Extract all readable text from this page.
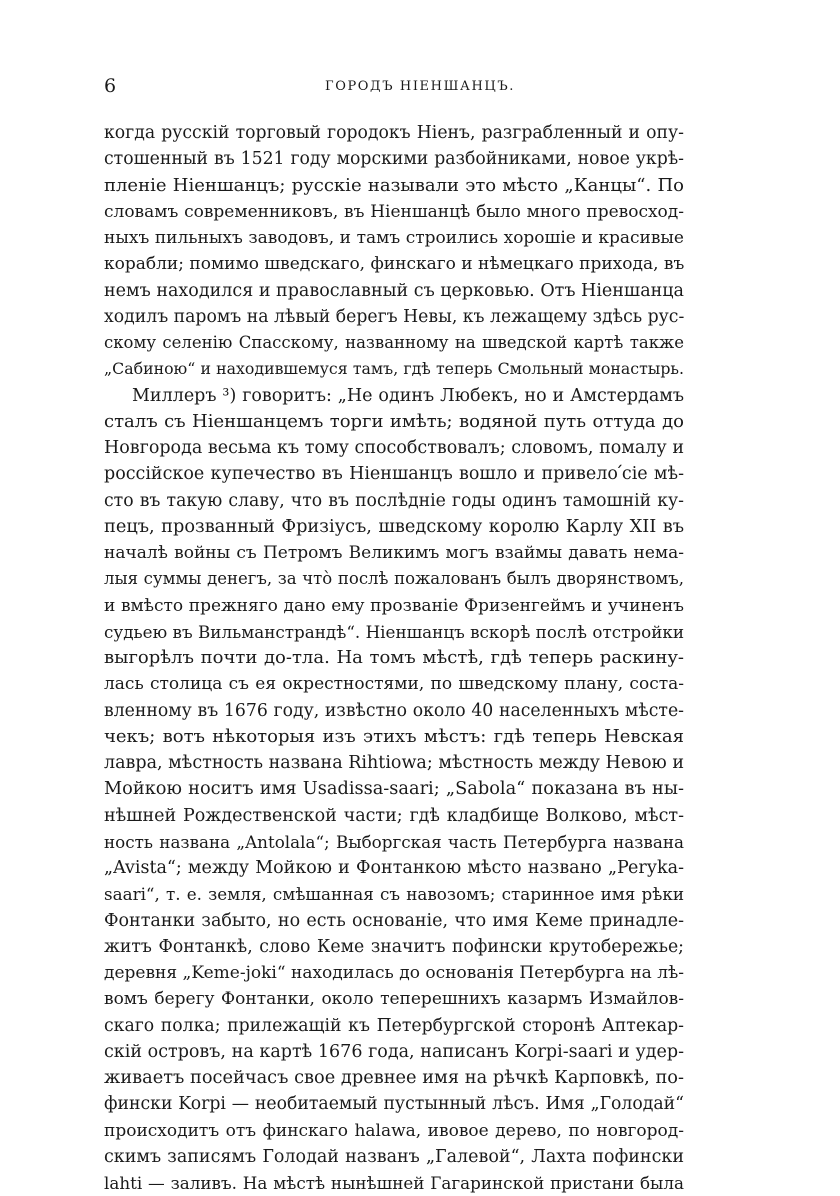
6	ГОРОДЪ НІЕНШАНЦЪ.
когда русскій торговый городокъ Ніенъ, разграбленный и опу-
стошенный въ 1521 году морскими разбойниками, новое укрѣ-
пленіе Ніеншанцъ; русскіе называли это мѣсто „Канцы“. По
словамъ современниковъ, въ Ніеншанцѣ было много превосход-
ныхъ пильныхъ заводовъ, и тамъ строились хорошіе и красивые
корабли; помимо шведскаго, финскаго и нѣмецкаго прихода, въ
немъ находился и православный съ церковью. Отъ Ніеншанца
ходилъ паромъ на лѣвый берегъ Невы, къ лежащему здѣсь рус-
скому селенію Спасскому, названному на шведской картѣ также
„Сабиною“ и находившемуся тамъ, гдѣ теперь Смольный монастырь.
Миллеръ ³) говоритъ: „Не одинъ Любекъ, но и Амстердамъ
сталъ съ Ніеншанцемъ торги имѣть; водяной путь оттуда до
Новгорода весьма къ тому способствовалъ; словомъ, помалу и
россійское купечество въ Ніеншанцъ вошло и привело՛сіе мѣ-
сто въ такую славу, что въ послѣдніе годы одинъ тамошній ку-
пецъ, прозванный Фризіусъ, шведскому королю Карлу XII въ
началѣ войны съ Петромъ Великимъ могъ взаймы давать нема-
лыя суммы денегъ, за чтò послѣ пожалованъ былъ дворянствомъ,
и вмѣсто прежняго дано ему прозваніе Фризенгеймъ и учиненъ
судьею въ Вильманстрандѣ“. Ніеншанцъ вскорѣ послѣ отстройки
выгорѣлъ почти до-тла. На томъ мѣстѣ, гдѣ теперь раскину-
лась столица съ ея окрестностями, по шведскому плану, соста-
вленному въ 1676 году, извѣстно около 40 населенныхъ мѣсте-
чекъ; вотъ нѣкоторыя изъ этихъ мѣстъ: гдѣ теперь Невская
лавра, мѣстность названа Rihtiowa; мѣстность между Невою и
Мойкою носитъ имя Usadissa-saari; „Sabola“ показана въ ны-
нѣшней Рождественской части; гдѣ кладбище Волково, мѣст-
ность названа „Antolala“; Выборгская часть Петербурга названа
„Avista“; между Мойкою и Фонтанкою мѣсто названо „Perуka-
saari“, т. е. земля, смѣшанная съ навозомъ; старинное имя рѣки
Фонтанки забыто, но есть основаніе, что имя Кеме принадле-
житъ Фонтанкѣ, слово Кеме значитъ пофински крутобережье;
деревня „Keme-joki“ находилась до основанія Петербурга на лѣ-
вомъ берегу Фонтанки, около теперешнихъ казармъ Измайлов-
скаго полка; прилежащій къ Петербургской сторонѣ Аптекар-
скій островъ, на картѣ 1676 года, написанъ Korpi-saari и удер-
живаетъ посейчасъ свое древнее имя на рѣчкѣ Карповкѣ, по-
фински Korpi — необитаемый пустынный лѣсъ. Имя „Голодай“
происходитъ отъ финскаго halawa, ивовое дерево, по новгород-
скимъ записямъ Голодай названъ „Галевой“, Лахта пофински
lahti — заливъ. На мѣстѣ нынѣшней Гагаринской пристани была
